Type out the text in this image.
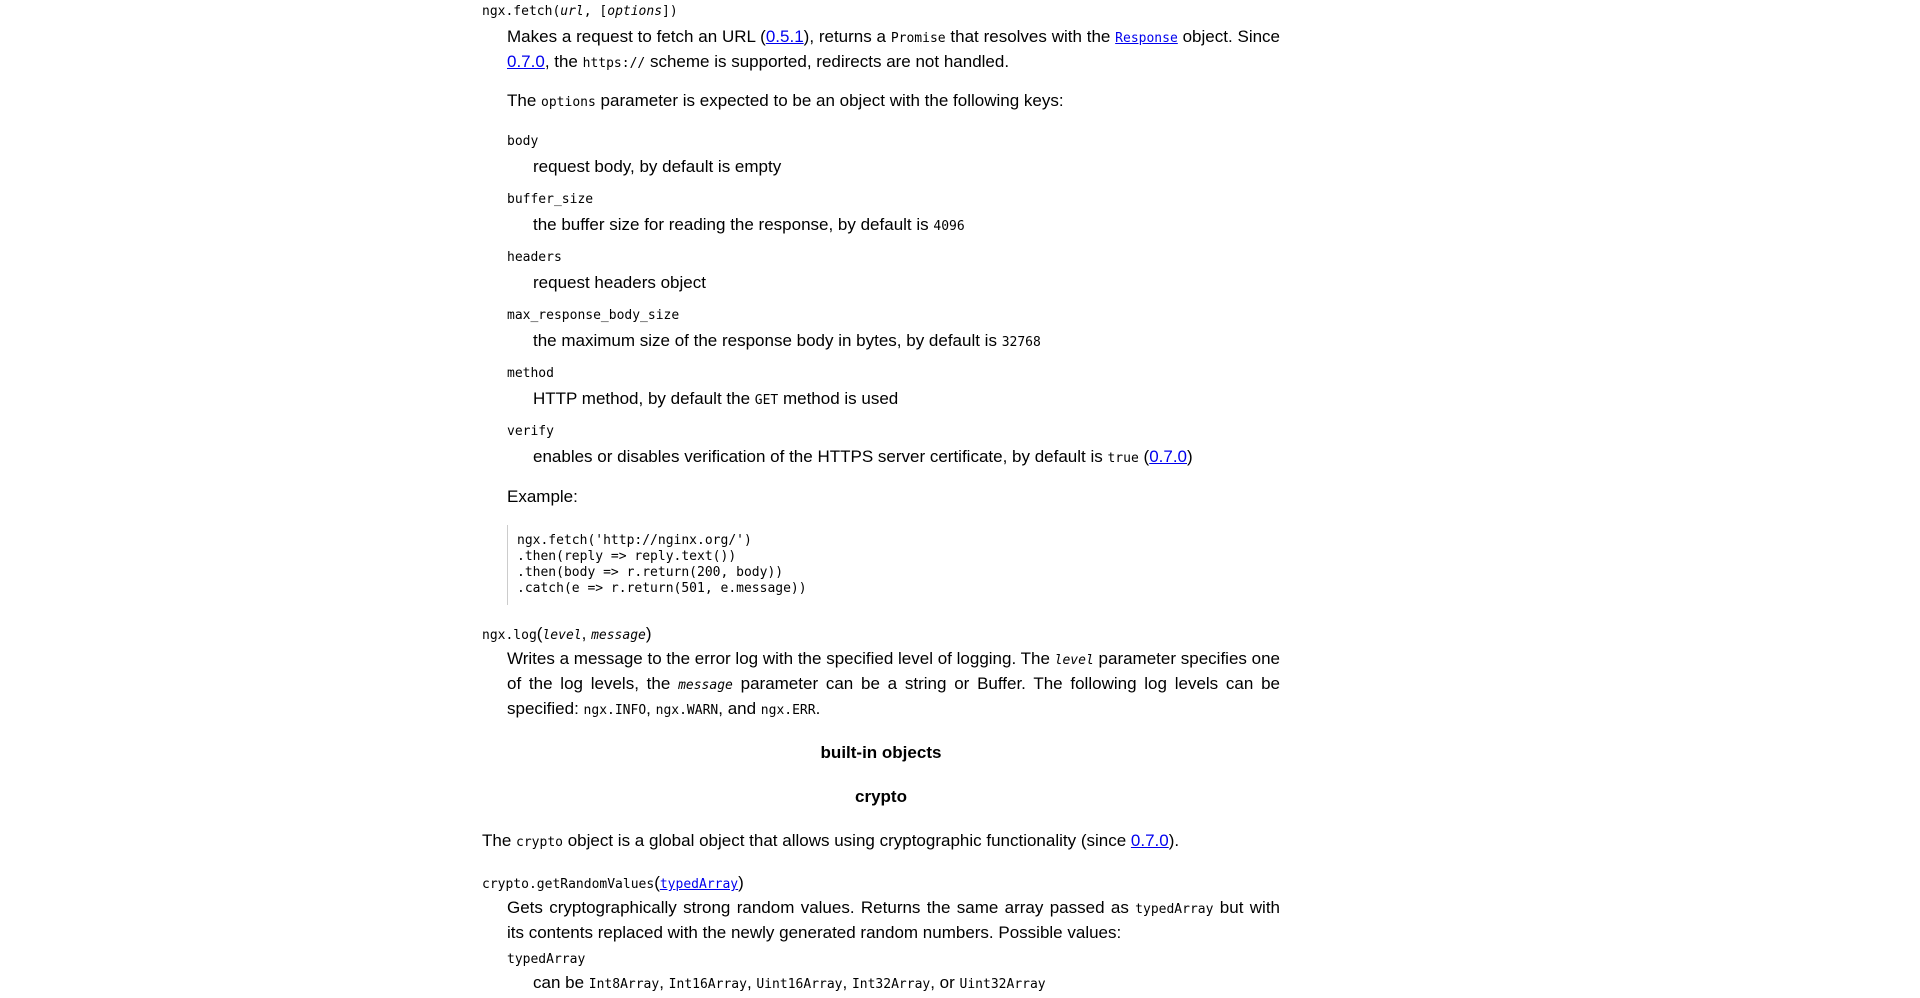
ngx.fetch(url, [options])
Makes a request to fetch an URL (0.5.1), returns a Promise that resolves with the Response object. Since 0.7.0, the https:// scheme is supported, redirects are not handled.
The options parameter is expected to be an object with the following keys:
body
request body, by default is empty
buffer_size
the buffer size for reading the response, by default is 4096
headers
request headers object
max_response_body_size
the maximum size of the response body in bytes, by default is 32768
method
HTTP method, by default the GET method is used
verify
enables or disables verification of the HTTPS server certificate, by default is true (0.7.0)
Example:
ngx.fetch('http://nginx.org/')
.then(reply => reply.text())
.then(body => r.return(200, body))
.catch(e => r.return(501, e.message))
ngx.log(level, message)
Writes a message to the error log with the specified level of logging. The level parameter specifies one of the log levels, the message parameter can be a string or Buffer. The following log levels can be specified: ngx.INFO, ngx.WARN, and ngx.ERR.
built-in objects
crypto
The crypto object is a global object that allows using cryptographic functionality (since 0.7.0).
crypto.getRandomValues(typedArray)
Gets cryptographically strong random values. Returns the same array passed as typedArray but with its contents replaced with the newly generated random numbers. Possible values:
typedArray
can be Int8Array, Int16Array, Uint16Array, Int32Array, or Uint32Array
